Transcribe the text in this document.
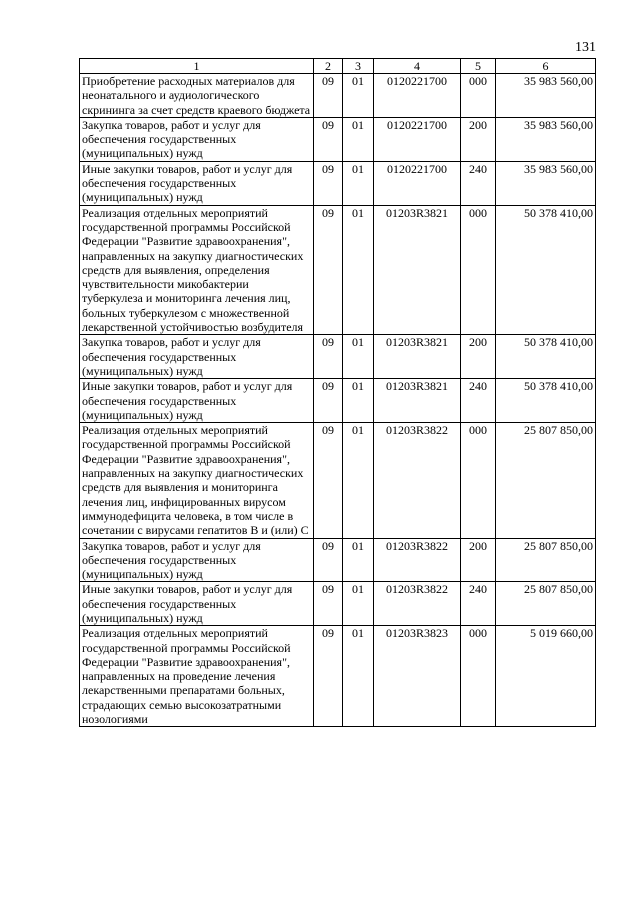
131
1	2	3	4	5	6
Приобретение расходных материалов для неонатального и аудиологического скрининга за счет средств краевого бюджета	09	01	0120221700	000	35 983 560,00
Закупка товаров, работ и услуг для обеспечения государственных (муниципальных) нужд	09	01	0120221700	200	35 983 560,00
Иные закупки товаров, работ и услуг для обеспечения государственных (муниципальных) нужд	09	01	0120221700	240	35 983 560,00
Реализация отдельных мероприятий государственной программы Российской Федерации "Развитие здравоохранения", направленных на закупку диагностических средств для выявления, определения чувствительности микобактерии туберкулеза и мониторинга лечения лиц, больных туберкулезом с множественной лекарственной устойчивостью возбудителя	09	01	01203R3821	000	50 378 410,00
Закупка товаров, работ и услуг для обеспечения государственных (муниципальных) нужд	09	01	01203R3821	200	50 378 410,00
Иные закупки товаров, работ и услуг для обеспечения государственных (муниципальных) нужд	09	01	01203R3821	240	50 378 410,00
Реализация отдельных мероприятий государственной программы Российской Федерации "Развитие здравоохранения", направленных на закупку диагностических средств для выявления и мониторинга лечения лиц, инфицированных вирусом иммунодефицита человека, в том числе в сочетании с вирусами гепатитов В и (или) С	09	01	01203R3822	000	25 807 850,00
Закупка товаров, работ и услуг для обеспечения государственных (муниципальных) нужд	09	01	01203R3822	200	25 807 850,00
Иные закупки товаров, работ и услуг для обеспечения государственных (муниципальных) нужд	09	01	01203R3822	240	25 807 850,00
Реализация отдельных мероприятий государственной программы Российской Федерации "Развитие здравоохранения", направленных на проведение лечения лекарственными препаратами больных, страдающих семью высокозатратными нозологиями	09	01	01203R3823	000	5 019 660,00
